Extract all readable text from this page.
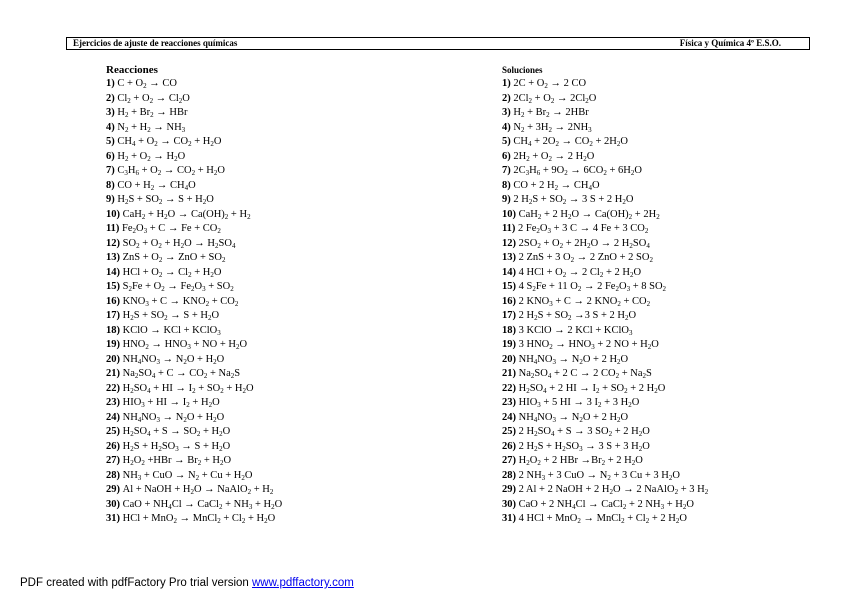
Ejercicios de ajuste de reacciones químicas	Física y Química 4º E.S.O.
Reacciones
1) $C + O_2$ → CO
2) $Cl_2 + O_2 \to Cl_2O$
3) $H_2 + Br_2$ → HBr
4) $N_2 + H_2 \to NH_3$
5) $CH_4 + O_2 \to CO_2 + H_2O$
6) $H_2 + O_2 \to H_2O$
7) $C_3H_6 + O_2 \to CO_2 + H_2O$
8) CO + $H_2 \to CH_4O$
9) $H_2S + SO_2 \to S + H_2O$
10) $CaH_2 + H_2O \to Ca(OH)_2 + H_2$
11) $Fe_2O_3 + C \to Fe + CO_2$
12) $SO_2 + O_2 + H_2O \to H_2SO_4$
13) ZnS + $O_2$ → ZnO + $SO_2$
14) HCl + $O_2 \to Cl_2 + H_2O$
15) $S_2Fe + O_2 \to Fe_2O_3 + SO_2$
16) $KNO_3 + C \to KNO_2 + CO_2$
17) $H_2S + SO_2 \to S + H_2O$
18) KClO → KCl + KClO$_3$
19) $HNO_2 \to HNO_3$ + NO + $H_2O$
20) $NH_4NO_3 \to N_2O + H_2O$
21) $Na_2SO_4 + C \to CO_2 + Na_2S$
22) $H_2SO_4$ + HI → $I_2 + SO_2 + H_2O$
23) $HIO_3$ + HI → $I_2 + H_2O$
24) $NH_4NO_3 \to N_2O + H_2O$
25) $H_2SO_4 + S \to SO_2 + H_2O$
26) $H_2S + H_2SO_3 \to S + H_2O$
27) $H_2O_2 +HBr \to Br_2 + H_2O$
28) $NH_3$ + CuO → $N_2 + Cu + H_2O$
29) Al + NaOH + $H_2O$ → NaAlO$_2$ + $H_2$
30) CaO + $NH_4Cl$ → CaCl$_2$ + $NH_3 + H_2O$
31) HCl + MnO$_2$ → MnCl$_2$ + $Cl_2 + H_2O$
Soluciones
1) $2C + O_2 \to 2$ CO
2) $2Cl_2 + O_2 \to 2Cl_2O$
3) $H_2 + Br_2 \to 2HBr$
4) $N_2 + 3H_2 \to 2NH_3$
5) $CH_4 + 2O_2 \to CO_2 + 2H_2O$
6) $2H_2 + O_2 \to 2$ $H_2O$
7) $2C_3H_6 + 9O_2 \to 6CO_2 + 6H_2O$
8) CO + 2 $H_2 \to CH_4O$
9) 2 $H_2S + SO_2 \to 3$ S + 2 $H_2O$
10) CaH$_2$ + 2 $H_2O \to Ca(OH)_2 + 2H_2$
11) 2 $Fe_2O_3 + 3$ C → 4 Fe + 3 $CO_2$
12) $2SO_2 + O_2 + 2H_2O \to 2$ $H_2SO_4$
13) 2 ZnS + 3 $O_2 \to 2$ ZnO + 2 $SO_2$
14) 4 HCl + $O_2 \to 2$ $Cl_2 + 2$ $H_2O$
15) 4 $S_2Fe + 11$ $O_2 \to 2$ $Fe_2O_3 + 8$ $SO_2$
16) 2 $KNO_3 + C \to 2$ $KNO_2 + CO_2$
17) 2 $H_2S + SO_2 \to 3$ S + 2 $H_2O$
18) 3 KClO → 2 KCl + KClO$_3$
19) 3 $HNO_2 \to HNO_3 + 2$ NO + $H_2O$
20) $NH_4NO_3 \to N_2O + 2$ $H_2O$
21) $Na_2SO_4 + 2$ C → 2 $CO_2 + Na_2S$
22) $H_2SO_4 + 2$ HI → $I_2 + SO_2 + 2$ $H_2O$
23) $HIO_3 + 5$ HI → 3 $I_2 + 3$ $H_2O$
24) $NH_4NO_3 \to N_2O + 2$ $H_2O$
25) 2 $H_2SO_4 + S \to 3$ $SO_2 + 2$ $H_2O$
26) 2 $H_2S + H_2SO_3 \to 3$ S + 3 $H_2O$
27) $H_2O_2 + 2$ HBr $\to Br_2 + 2$ $H_2O$
28) 2 $NH_3 + 3$ CuO → $N_2 + 3$ Cu + 3 $H_2O$
29) 2 Al + 2 NaOH + 2 $H_2O \to 2$ NaAlO$_2$ + 3 $H_2$
30) CaO + 2 $NH_4Cl$ → CaCl$_2$ + 2 $NH_3 + H_2O$
31) 4 HCl + MnO$_2$ → MnCl$_2$ + $Cl_2 + 2$ $H_2O$
PDF created with pdfFactory Pro trial version www.pdffactory.com
